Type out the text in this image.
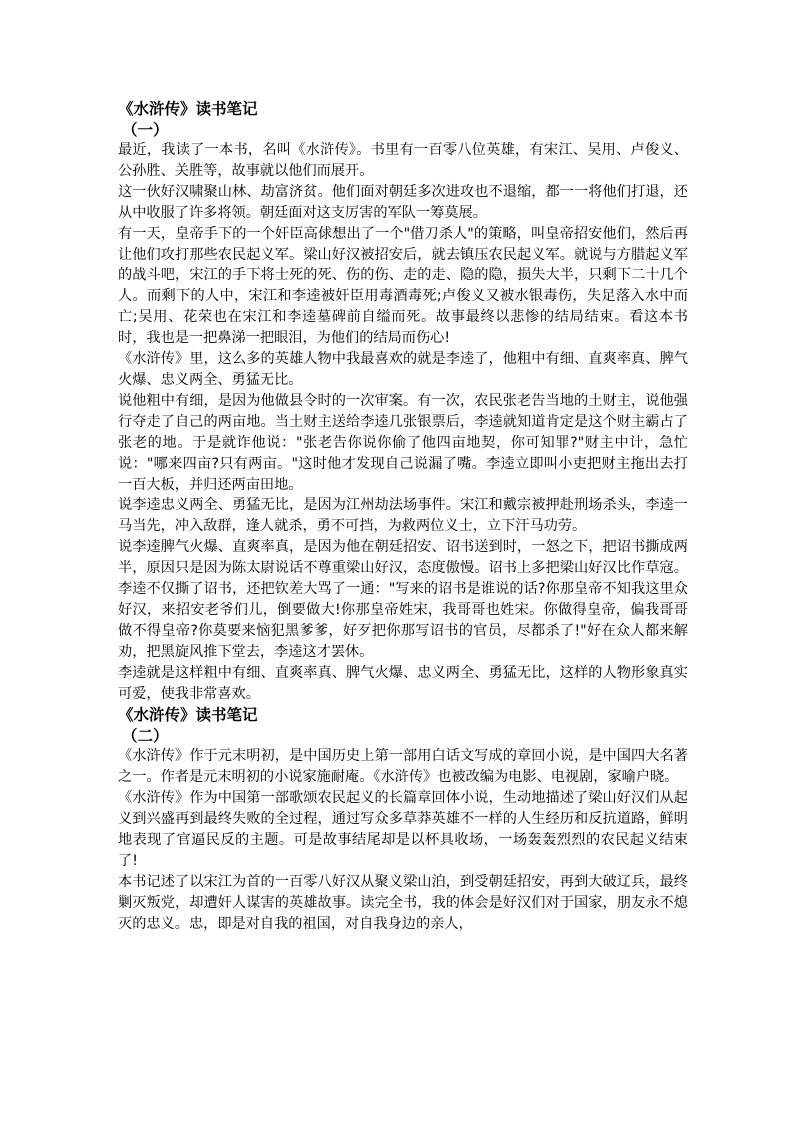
《水浒传》读书笔记

（一）

最近，我读了一本书，名叫《水浒传》。书里有一百零八位英雄，有宋江、吴用、卢俊义、公孙胜、关胜等，故事就以他们而展开。

这一伙好汉啸聚山林、劫富济贫。他们面对朝廷多次进攻也不退缩，都一一将他们打退，还从中收服了许多将领。朝廷面对这支厉害的军队一筹莫展。

有一天，皇帝手下的一个奸臣高俅想出了一个"借刀杀人"的策略，叫皇帝招安他们，然后再让他们攻打那些农民起义军。梁山好汉被招安后，就去镇压农民起义军。就说与方腊起义军的战斗吧，宋江的手下将士死的死、伤的伤、走的走、隐的隐，损失大半，只剩下二十几个人。而剩下的人中，宋江和李逵被奸臣用毒酒毒死;卢俊义又被水银毒伤，失足落入水中而亡;吴用、花荣也在宋江和李逵墓碑前自缢而死。故事最终以悲惨的结局结束。看这本书时，我也是一把鼻涕一把眼泪，为他们的结局而伤心!

《水浒传》里，这么多的英雄人物中我最喜欢的就是李逵了，他粗中有细、直爽率真、脾气火爆、忠义两全、勇猛无比。

说他粗中有细，是因为他做县令时的一次审案。有一次，农民张老告当地的土财主，说他强行夺走了自己的两亩地。当土财主送给李逵几张银票后，李逵就知道肯定是这个财主霸占了张老的地。于是就诈他说："张老告你说你偷了他四亩地契，你可知罪?"财主中计，急忙说："哪来四亩?只有两亩。"这时他才发现自己说漏了嘴。李逵立即叫小吏把财主拖出去打一百大板，并归还两亩田地。

说李逵忠义两全、勇猛无比，是因为江州劫法场事件。宋江和戴宗被押赴刑场杀头，李逵一马当先，冲入敌群，逢人就杀，勇不可挡，为救两位义士，立下汗马功劳。

说李逵脾气火爆、直爽率真，是因为他在朝廷招安、诏书送到时，一怒之下，把诏书撕成两半，原因只是因为陈太尉说话不尊重梁山好汉，态度傲慢。诏书上多把梁山好汉比作草寇。李逵不仅撕了诏书，还把钦差大骂了一通："写来的诏书是谁说的话?你那皇帝不知我这里众好汉，来招安老爷们儿，倒要做大!你那皇帝姓宋，我哥哥也姓宋。你做得皇帝，偏我哥哥做不得皇帝?你莫要来恼犯黑爹爹，好歹把你那写诏书的官员，尽都杀了!"好在众人都来解劝，把黑旋风推下堂去，李逵这才罢休。

李逵就是这样粗中有细、直爽率真、脾气火爆、忠义两全、勇猛无比，这样的人物形象真实可爱，使我非常喜欢。

《水浒传》读书笔记

（二）

《水浒传》作于元末明初，是中国历史上第一部用白话文写成的章回小说，是中国四大名著之一。作者是元末明初的小说家施耐庵。《水浒传》也被改编为电影、电视剧，家喻户晓。

《水浒传》作为中国第一部歌颂农民起义的长篇章回体小说，生动地描述了梁山好汉们从起义到兴盛再到最终失败的全过程，通过写众多草莽英雄不一样的人生经历和反抗道路，鲜明地表现了官逼民反的主题。可是故事结尾却是以杯具收场，一场轰轰烈烈的农民起义结束了!

本书记述了以宋江为首的一百零八好汉从聚义梁山泊，到受朝廷招安，再到大破辽兵，最终剿灭叛党，却遭奸人谋害的英雄故事。读完全书，我的体会是好汉们对于国家，朋友永不熄灭的忠义。忠，即是对自我的祖国，对自我身边的亲人，
